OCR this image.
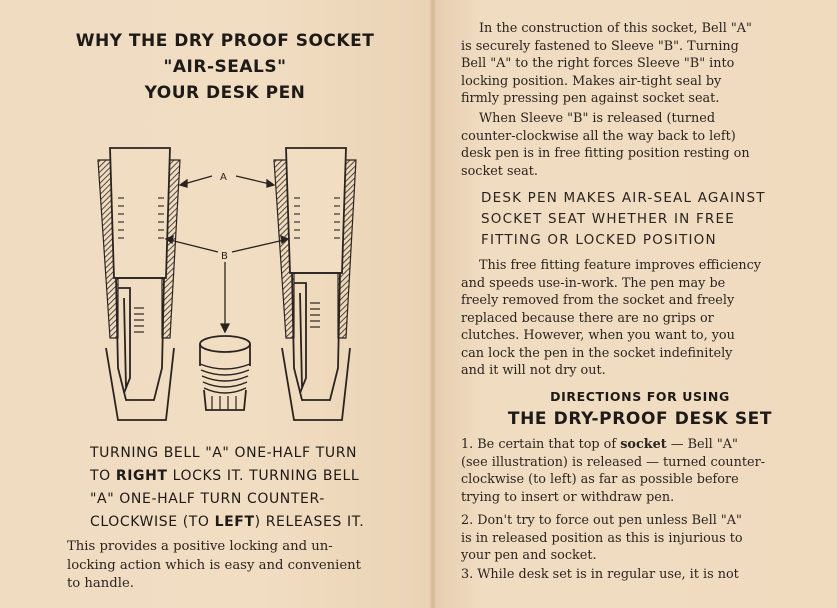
WHY THE DRY PROOF SOCKET
"AIR-SEALS"
YOUR DESK PEN
A
B
TURNING BELL "A" ONE-HALF TURN
TO RIGHT LOCKS IT. TURNING BELL
"A" ONE-HALF TURN COUNTER-
CLOCKWISE (TO LEFT) RELEASES IT.
This provides a positive locking and un-
locking action which is easy and convenient
to handle.
In the construction of this socket, Bell "A"
is securely fastened to Sleeve "B". Turning
Bell "A" to the right forces Sleeve "B" into
locking position. Makes air-tight seal by
firmly pressing pen against socket seat.
When Sleeve "B" is released (turned
counter-clockwise all the way back to left)
desk pen is in free fitting position resting on
socket seat.
DESK PEN MAKES AIR-SEAL AGAINST
SOCKET SEAT WHETHER IN FREE
FITTING OR LOCKED POSITION
This free fitting feature improves efficiency
and speeds use-in-work. The pen may be
freely removed from the socket and freely
replaced because there are no grips or
clutches. However, when you want to, you
can lock the pen in the socket indefinitely
and it will not dry out.
DIRECTIONS FOR USING
THE DRY-PROOF DESK SET
1. Be certain that top of socket — Bell "A"
(see illustration) is released — turned counter-
clockwise (to left) as far as possible before
trying to insert or withdraw pen.
2. Don't try to force out pen unless Bell "A"
is in released position as this is injurious to
your pen and socket.
3. While desk set is in regular use, it is not
